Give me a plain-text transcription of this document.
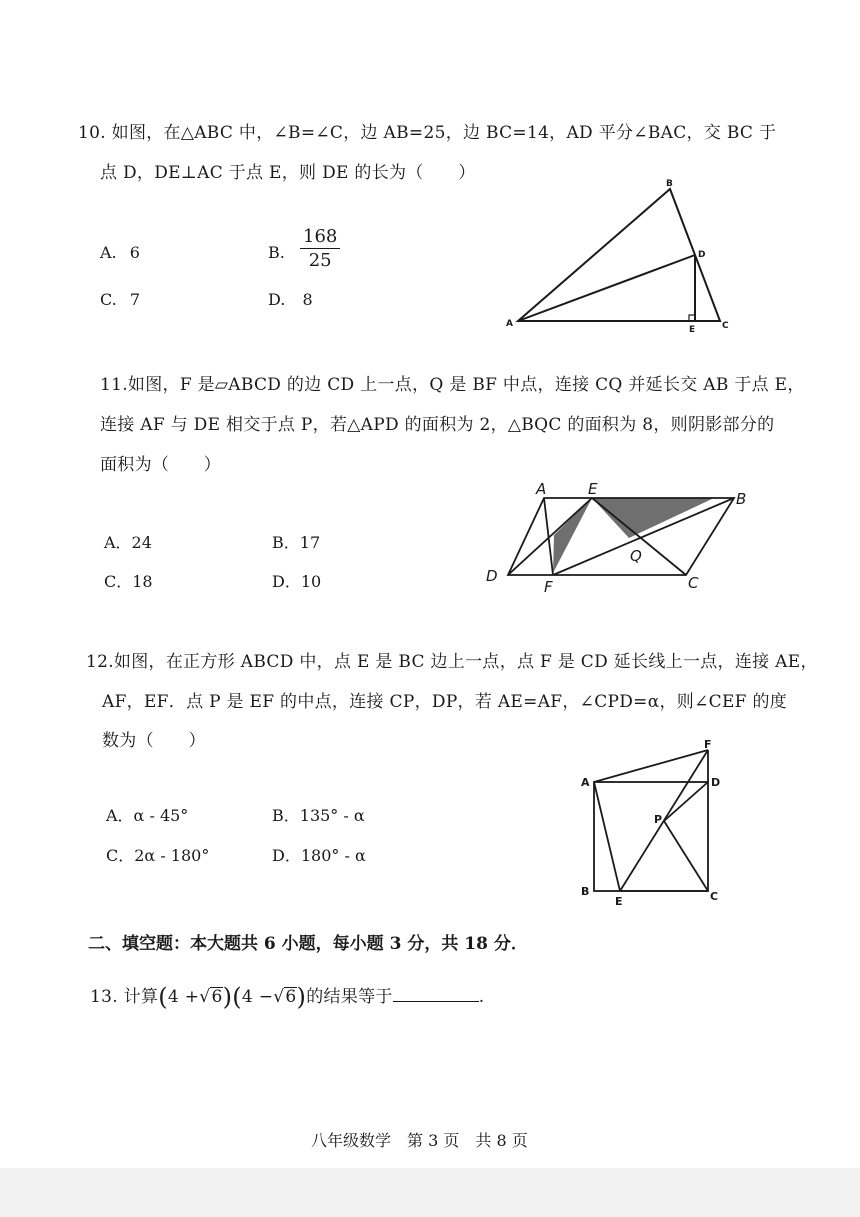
10. 如图，在△ABC 中，∠B=∠C，边 AB=25，边 BC=14，AD 平分∠BAC，交 BC 于
点 D，DE⊥AC 于点 E，则 DE 的长为（　　）
A. 6	B. $\frac{168}{25}$
C. 7	D. 8
A
B
C
D
E
11.如图，F 是▱ABCD 的边 CD 上一点，Q 是 BF 中点，连接 CQ 并延长交 AB 于点 E，
连接 AF 与 DE 相交于点 P，若△APD 的面积为 2，△BQC 的面积为 8，则阴影部分的
面积为（　　）
A．24	B．17
C．18	D．10
A
B
C
D
E
F
Q
12.如图，在正方形 ABCD 中，点 E 是 BC 边上一点，点 F 是 CD 延长线上一点，连接 AE，
AF，EF．点 P 是 EF 的中点，连接 CP，DP，若 AE=AF，∠CPD=α，则∠CEF 的度
数为（　　）
A．α - 45°	B．135° - α
C．2α - 180°	D．180° - α
A
B	C
D
E
F
P
二、填空题：本大题共 6 小题，每小题 3 分，共 18 分．
13. 计算(4 +√6)(4 −√6)的结果等于	.
八年级数学　第 3 页　共 8 页
